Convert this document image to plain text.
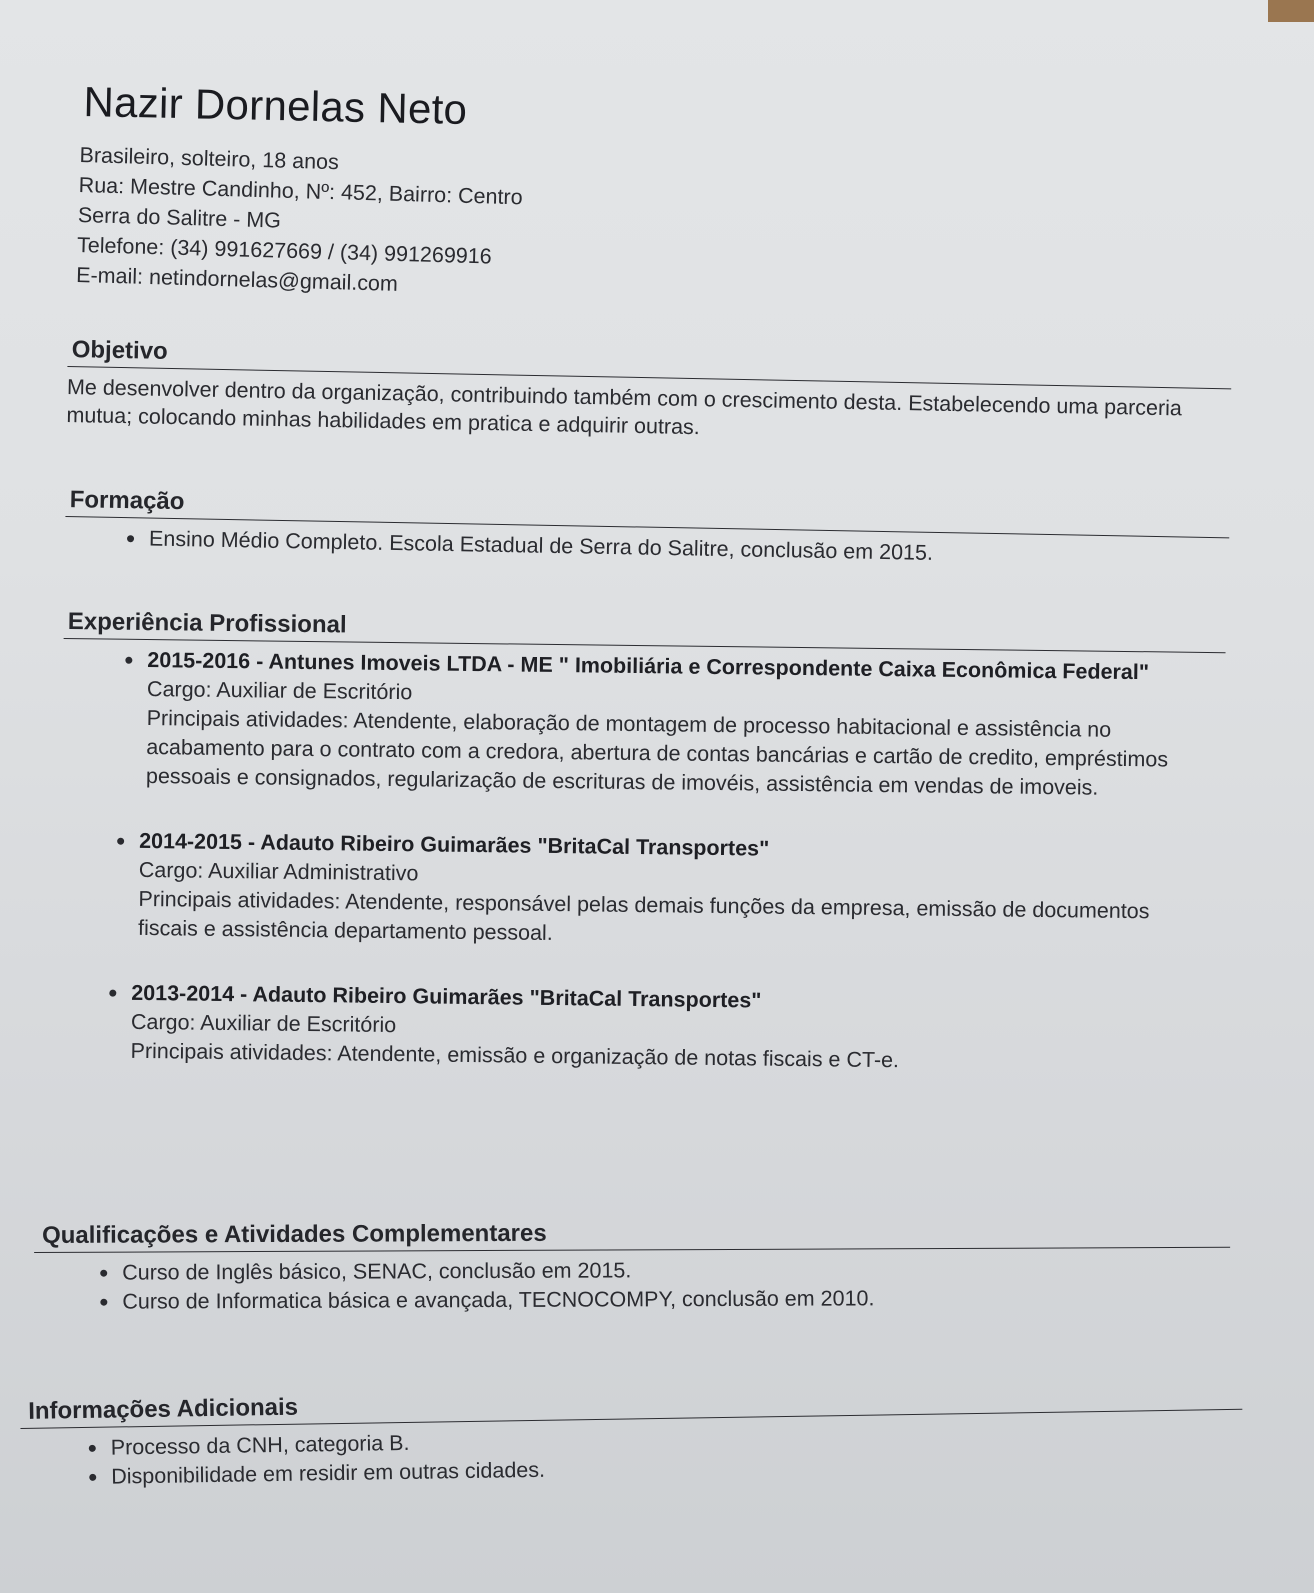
Nazir Dornelas Neto
Brasileiro, solteiro, 18 anos
Rua: Mestre Candinho, Nº: 452, Bairro: Centro
Serra do Salitre - MG
Telefone: (34) 991627669 / (34) 991269916
E-mail: netindornelas@gmail.com
Objetivo

Me desenvolver dentro da organização, contribuindo também com o crescimento desta. Estabelecendo uma parceria mutua; colocando minhas habilidades em pratica e adquirir outras.

Formação
Ensino Médio Completo. Escola Estadual de Serra do Salitre, conclusão em 2015.
Experiência Profissional
2015-2016 - Antunes Imoveis LTDA - ME " Imobiliária e Correspondente Caixa Econômica Federal"
Cargo: Auxiliar de Escritório
Principais atividades: Atendente, elaboração de montagem de processo habitacional e assistência no acabamento para o contrato com a credora, abertura de contas bancárias e cartão de credito, empréstimos pessoais e consignados, regularização de escrituras de imovéis, assistência em vendas de imoveis.
2014-2015 - Adauto Ribeiro Guimarães "BritaCal Transportes"
Cargo: Auxiliar Administrativo
Principais atividades: Atendente, responsável pelas demais funções da empresa, emissão de documentos fiscais e assistência departamento pessoal.
2013-2014 - Adauto Ribeiro Guimarães "BritaCal Transportes"
Cargo: Auxiliar de Escritório
Principais atividades: Atendente, emissão e organização de notas fiscais e CT-e.
Qualificações e Atividades Complementares
Curso de Inglês básico, SENAC, conclusão em 2015.
Curso de Informatica básica e avançada, TECNOCOMPY, conclusão em 2010.
Informações Adicionais
Processo da CNH, categoria B.
Disponibilidade em residir em outras cidades.
